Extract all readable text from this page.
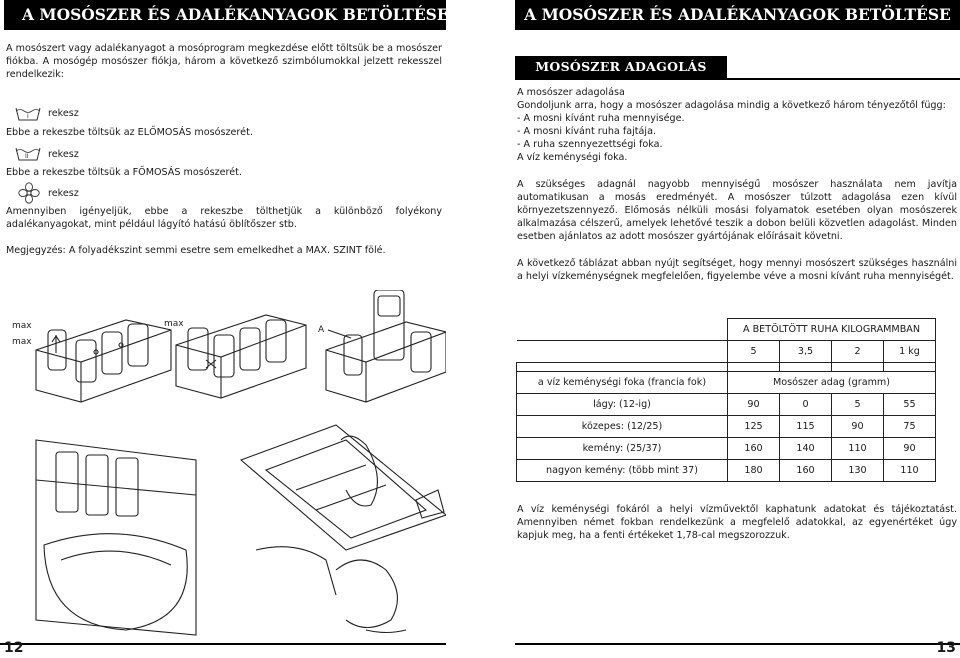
A MOSÓSZER ÉS ADALÉKANYAGOK BETÖLTÉSE
A mosószert vagy adalékanyagot a mosóprogram megkezdése előtt töltsük be a mosószer fiókba. A mosógép mosószer fiókja, három a következő szimbólumokkal jelzett rekesszel rendelkezik:
I rekesz
Ebbe a rekeszbe töltsük az ELŐMOSÁS mosószerét.
II rekesz
Ebbe a rekeszbe töltsük a FŐMOSÁS mosószerét.
rekesz
Amennyiben igényeljük, ebbe a rekeszbe tölthetjük a különböző folyékony adalékanyagokat, mint például lágyító hatású öblítőszer stb.
Megjegyzés: A folyadékszint semmi esetre sem emelkedhet a MAX. SZINT fölé.
max
max
max
A
12
A MOSÓSZER ÉS ADALÉKANYAGOK BETÖLTÉSE
MOSÓSZER ADAGOLÁS
A mosószer adagolása
Gondoljunk arra, hogy a mosószer adagolása mindig a következő három tényezőtől függ:
- A mosni kívánt ruha mennyisége.
- A mosni kívánt ruha fajtája.
- A ruha szennyezettségi foka.
A víz keménységi foka.
A szükséges adagnál nagyobb mennyiségű mosószer használata nem javítja automatikusan a mosás eredményét. A mosószer túlzott adagolása ezen kívül környezetszennyező. Előmosás nélküli mosási folyamatok esetében olyan mosószerek alkalmazása célszerű, amelyek lehetővé teszik a dobon belüli közvetlen adagolást. Minden esetben ajánlatos az adott mosószer gyártójának előírásait követni.
A következő táblázat abban nyújt segítséget, hogy mennyi mosószert szükséges használni a helyi vízkeménységnek megfelelően, figyelembe véve a mosni kívánt ruha mennyiségét.
	A BETÖLTÖTT RUHA KILOGRAMMBAN			
	5	3,5	2	1 kg

a víz keménységi foka (francia fok)	Mosószer adag (gramm)			
lágy: (12-ig)	90	0	5	55
közepes: (12/25)	125	115	90	75
kemény: (25/37)	160	140	110	90
nagyon kemény: (több mint 37)	180	160	130	110
A víz keménységi fokáról a helyi vízművektől kaphatunk adatokat és tájékoztatást. Amennyiben német fokban rendelkezünk a megfelelő adatokkal, az egyenértéket úgy kapjuk meg, ha a fenti értékeket 1,78-cal megszorozzuk.
13
